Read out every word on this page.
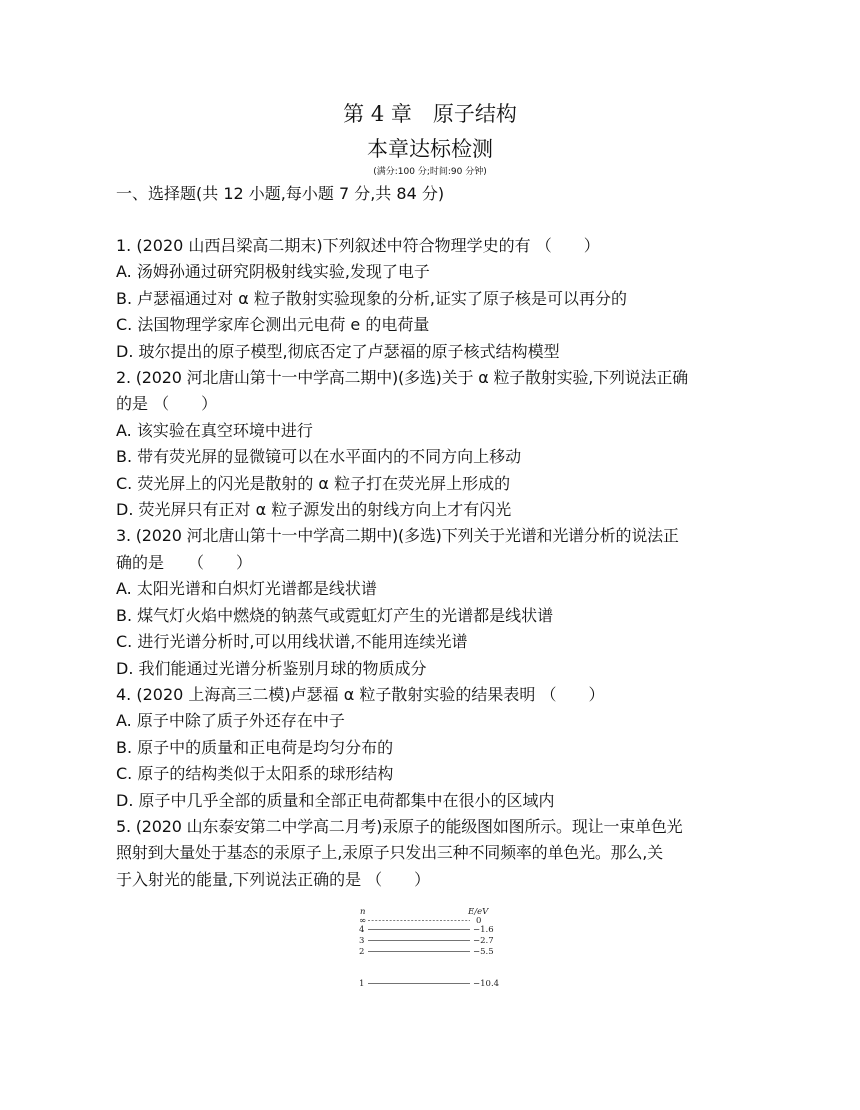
第 4 章　原子结构
本章达标检测
(满分:100 分;时间:90 分钟)
一、选择题(共 12 小题,每小题 7 分,共 84 分)
1. (2020 山西吕梁高二期末)下列叙述中符合物理学史的有 （　　）
A. 汤姆孙通过研究阴极射线实验,发现了电子
B. 卢瑟福通过对 α 粒子散射实验现象的分析,证实了原子核是可以再分的
C. 法国物理学家库仑测出元电荷 e 的电荷量
D. 玻尔提出的原子模型,彻底否定了卢瑟福的原子核式结构模型
2. (2020 河北唐山第十一中学高二期中)(多选)关于 α 粒子散射实验,下列说法正确
的是 （　　）
A. 该实验在真空环境中进行
B. 带有荧光屏的显微镜可以在水平面内的不同方向上移动
C. 荧光屏上的闪光是散射的 α 粒子打在荧光屏上形成的
D. 荧光屏只有正对 α 粒子源发出的射线方向上才有闪光
3. (2020 河北唐山第十一中学高二期中)(多选)下列关于光谱和光谱分析的说法正
确的是　　（　　）
A. 太阳光谱和白炽灯光谱都是线状谱
B. 煤气灯火焰中燃烧的钠蒸气或霓虹灯产生的光谱都是线状谱
C. 进行光谱分析时,可以用线状谱,不能用连续光谱
D. 我们能通过光谱分析鉴别月球的物质成分
4. (2020 上海高三二模)卢瑟福 α 粒子散射实验的结果表明 （　　）
A. 原子中除了质子外还存在中子
B. 原子中的质量和正电荷是均匀分布的
C. 原子的结构类似于太阳系的球形结构
D. 原子中几乎全部的质量和全部正电荷都集中在很小的区域内
5. (2020 山东泰安第二中学高二月考)汞原子的能级图如图所示。现让一束单色光
照射到大量处于基态的汞原子上,汞原子只发出三种不同频率的单色光。那么,关
于入射光的能量,下列说法正确的是 （　　）
n	E/eV
∞	0
4	−1.6
3	−2.7
2	−5.5
1	−10.4
